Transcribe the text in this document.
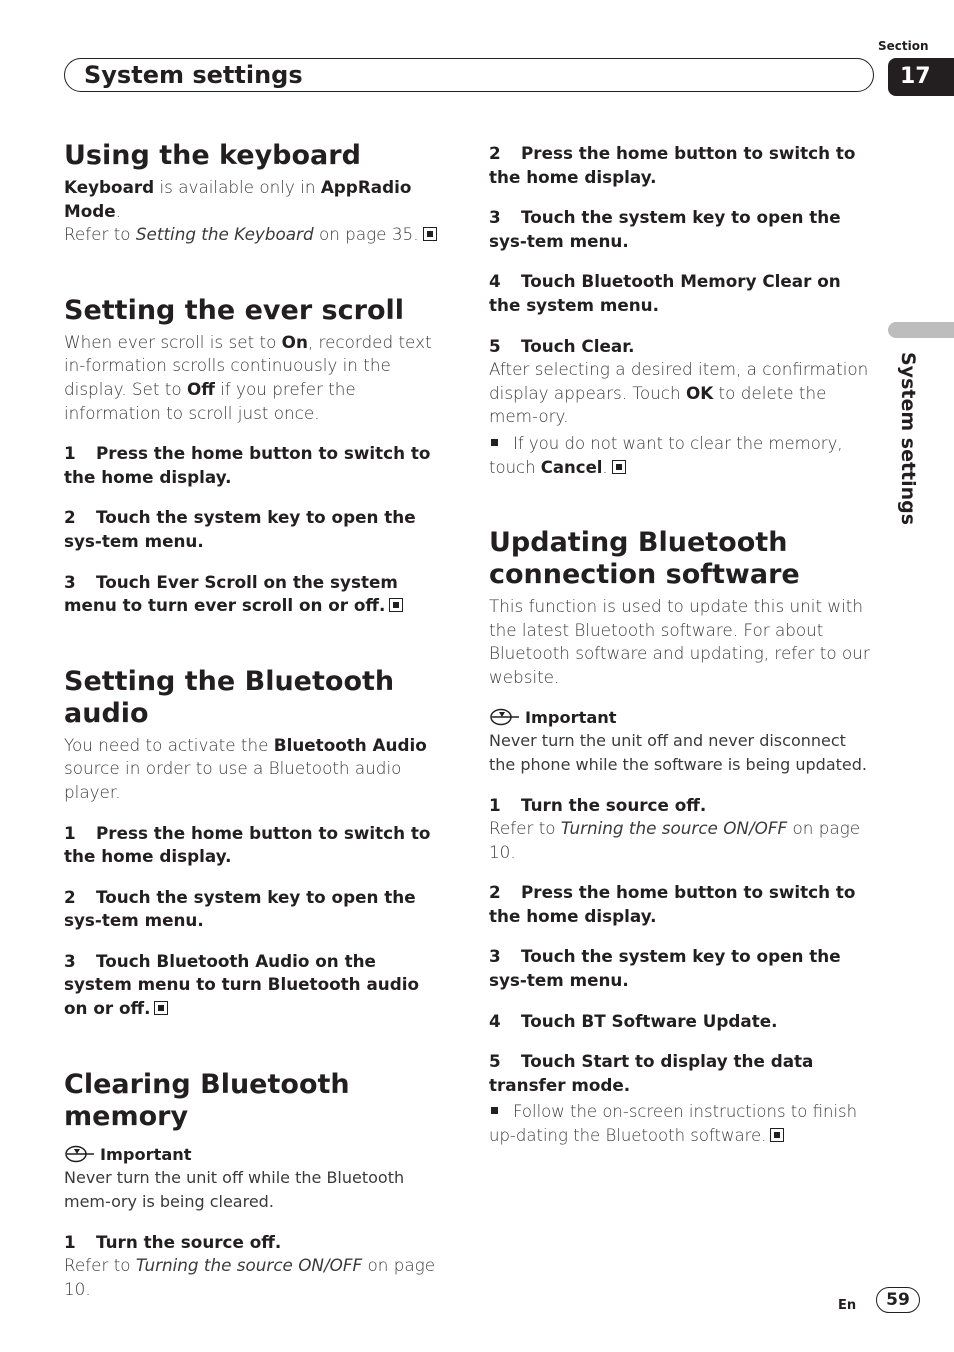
Section
System settings	17
System settings
Using the keyboard

Keyboard is available only in AppRadio Mode.

Refer to Setting the Keyboard on page 35.

Setting the ever scroll

When ever scroll is set to On, recorded text in-formation scrolls continuously in the display. Set to Off if you prefer the information to scroll just once.

1 Press the home button to switch to the home display.

2 Touch the system key to open the sys-tem menu.

3 Touch Ever Scroll on the system menu to turn ever scroll on or off.

Setting the Bluetooth audio

You need to activate the Bluetooth Audio source in order to use a Bluetooth audio player.

1 Press the home button to switch to the home display.

2 Touch the system key to open the sys-tem menu.

3 Touch Bluetooth Audio on the system menu to turn Bluetooth audio on or off.

Clearing Bluetooth memory
Important

Never turn the unit off while the Bluetooth mem-ory is being cleared.

1 Turn the source off.

Refer to Turning the source ON/OFF on page 10.

2 Press the home button to switch to the home display.

3 Touch the system key to open the sys-tem menu.

4 Touch Bluetooth Memory Clear on the system menu.

5 Touch Clear.

After selecting a desired item, a confirmation display appears. Touch OK to delete the mem-ory.

If you do not want to clear the memory, touch Cancel.

Updating Bluetooth connection software

This function is used to update this unit with the latest Bluetooth software. For about Bluetooth software and updating, refer to our website.

Important

Never turn the unit off and never disconnect the phone while the software is being updated.

1 Turn the source off.

Refer to Turning the source ON/OFF on page 10.

2 Press the home button to switch to the home display.

3 Touch the system key to open the sys-tem menu.

4 Touch BT Software Update.

5 Touch Start to display the data transfer mode.

Follow the on-screen instructions to finish up-dating the Bluetooth software.

En	59
